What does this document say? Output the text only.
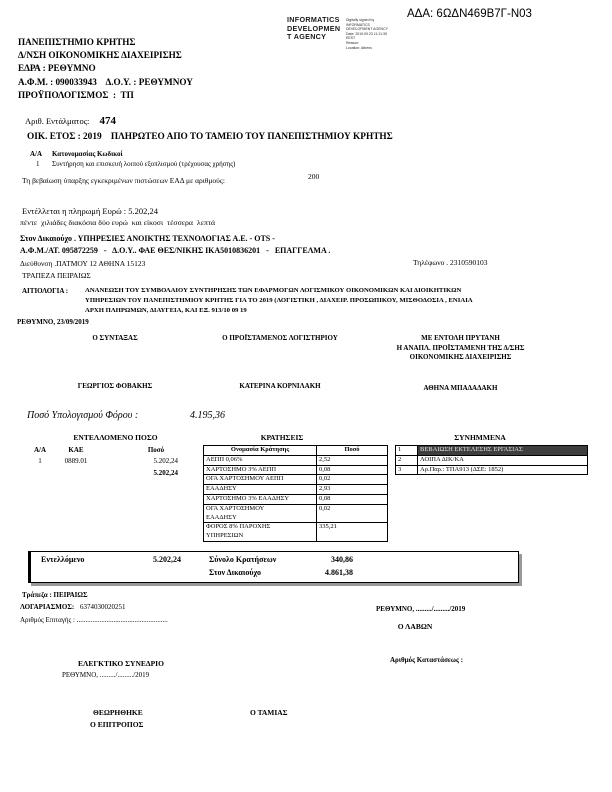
ΑΔΑ: 6ΩΔΝ469Β7Γ-Ν03
INFORMATICS
DEVELOPMEN
T AGENCY
Digitally signed by
INFORMATICS
DEVELOPMENT AGENCY
Date: 2019.09.23 11:11:35
EEST
Reason:
Location: Athens
ΠΑΝΕΠΙΣΤΗΜΙΟ ΚΡΗΤΗΣ
Δ/ΝΣΗ ΟΙΚΟΝΟΜΙΚΗΣ ΔΙΑΧΕΙΡΙΣΗΣ
ΕΔΡΑ : ΡΕΘΥΜΝΟ
Α.Φ.Μ. : 090033943    Δ.Ο.Υ. : ΡΕΘΥΜΝΟΥ
ΠΡΟΫΠΟΛΟΓΙΣΜΟΣ  :  ΤΠ
Αριθ. Εντάλματος: 474
ΟΙΚ. ΕΤΟΣ : 2019    ΠΛΗΡΩΤΕΟ ΑΠΟ ΤΟ ΤΑΜΕΙΟ ΤΟΥ ΠΑΝΕΠΙΣΤΗΜΙΟΥ ΚΡΗΤΗΣ
Α/Α Κατονομασίας Κωδικοί
1 Συντήρηση και επισκευή λοιπού εξοπλισμού (τρέχουσας χρήσης)
Τη βεβαίωση ύπαρξης εγκεκριμένων πιστώσεων ΕΑΔ με αριθμούς:	200
Εντέλλεται η πληρωμή Ευρώ : 5.202,24
πέντε  χιλιάδες διακόσια δύο ευρώ  και είκοσι  τέσσερα  λεπτά
Στον Δικαιούχο . ΥΠΗΡΕΣΙΕΣ ΑΝΟΙΚΤΗΣ ΤΕΧΝΟΛΟΓΙΑΣ Α.Ε. - OTS -
Α.Φ.Μ./ΑΤ. 095872259   -   Δ.Ο.Υ.. ΦΑΕ ΘΕΣ/ΝΙΚΗΣ ΙΚΑ5010836201   -   ΕΠΑΓΓΕΛΜΑ .
Διεύθυνση .ΠΑΤΜΟΥ 12 ΑΘΗΝΑ 15123	Τηλέφωνο . 2310590103
ΤΡΑΠΕΖΑ ΠΕΙΡΑΙΩΣ
ΑΙΤΙΟΛΟΓΙΑ :	ΑΝΑΝΕΩΣΗ ΤΟΥ ΣΥΜΒΟΛΑΙΟΥ ΣΥΝΤΗΡΗΣΗΣ ΤΩΝ ΕΦΑΡΜΟΓΩΝ ΛΟΓΙΣΜΙΚΟΥ ΟΙΚΟΝΟΜΙΚΩΝ ΚΑΙ ΔΙΟΙΚΗΤΙΚΩΝ
ΥΠΗΡΕΣΙΩΝ ΤΟΥ ΠΑΝΕΠΙΣΤΗΜΙΟΥ ΚΡΗΤΗΣ ΓΙΑ ΤΟ 2019 (ΛΟΓΙΣΤΙΚΗ , ΔΙΑΧΕΙΡ. ΠΡΟΣΩΠΙΚΟΥ, ΜΙΣΘΟΔΟΣΙΑ , ΕΝΙΑΙΑ
ΑΡΧΗ ΠΛΗΡΩΜΩΝ, ΔΙΑΥΓΕΙΑ, ΚΑΙ ΕΞ. 913/10 09 19
ΡΕΘΥΜΝΟ, 23/09/2019
Ο ΣΥΝΤΑΞΑΣ	Ο ΠΡΟΪΣΤΑΜΕΝΟΣ ΛΟΓΙΣΤΗΡΙΟΥ	ΜΕ ΕΝΤΟΛΗ ΠΡΥΤΑΝΗ
Η ΑΝΑΠΛ. ΠΡΟΪΣΤΑΜΕΝΗ ΤΗΣ Δ/ΣΗΣ
ΟΙΚΟΝΟΜΙΚΗΣ ΔΙΑΧΕΙΡΙΣΗΣ
ΓΕΩΡΓΙΟΣ ΦΟΒΑΚΗΣ	ΚΑΤΕΡΙΝΑ ΚΟΡΝΙΛΑΚΗ	ΑΘΗΝΑ ΜΠΑΔΑΔΑΚΗ
Ποσό Υπολογισμού Φόρου :	4.195,36
ΕΝΤΕΛΛΟΜΕΝΟ ΠΟΣΟ
Α/Α	ΚΑΕ	Ποσό
1	0889.01	5.202,24
5.202,24
ΚΡΑΤΗΣΕΙΣ
Ονομασία Κράτησης	Ποσό
ΑΕΠΠ 0,06%	2,52
ΧΑΡΤΟΣΗΜΟ 3% ΑΕΠΠ	0,08
ΟΓΑ ΧΑΡΤΟΣΗΜΟΥ ΑΕΠΠ	0,02
ΕΑΑΔΗΣΥ	2,93
ΧΑΡΤΟΣΗΜΟ 3% ΕΑΑΔΗΣΥ	0,08
ΟΓΑ ΧΑΡΤΟΣΗΜΟΥ ΕΑΑΔΗΣΥ	0,02
ΦΟΡΟΣ 8% ΠΑΡΟΧΗΣ ΥΠΗΡΕΣΙΩΝ	335,21
ΣΥΝΗΜΜΕΝΑ
1	ΒΕΒΑΙΩΣΗ ΕΚΤΕΛΕΣΗΣ ΕΡΓΑΣΙΑΣ
2	ΛΟΙΠΑ ΔΙΚ/ΚΑ
3	Αρ.Παρ.: ΤΠΑ913 (ΔΣΕ: 1852)
Εντελλόμενο	5.202,24	Σύνολο Κρατήσεων	340,86
Στον Δικαιούχο	4.861,38
Τράπεζα : ΠΕΙΡΑΙΩΣ
ΛΟΓΑΡΙΑΣΜΟΣ: 6374030020251
Αριθμός Επιταγής : ....................................................
ΡΕΘΥΜΝΟ, ........./........./2019
Ο ΛΑΒΩΝ
Αριθμός Καταστάσεως :
ΕΛΕΓΚΤΙΚΟ ΣΥΝΕΔΡΙΟ
ΡΕΘΥΜΝΟ, ........./........./2019
ΘΕΩΡΗΘΗΚΕ
Ο ΕΠΙΤΡΟΠΟΣ
Ο ΤΑΜΙΑΣ
